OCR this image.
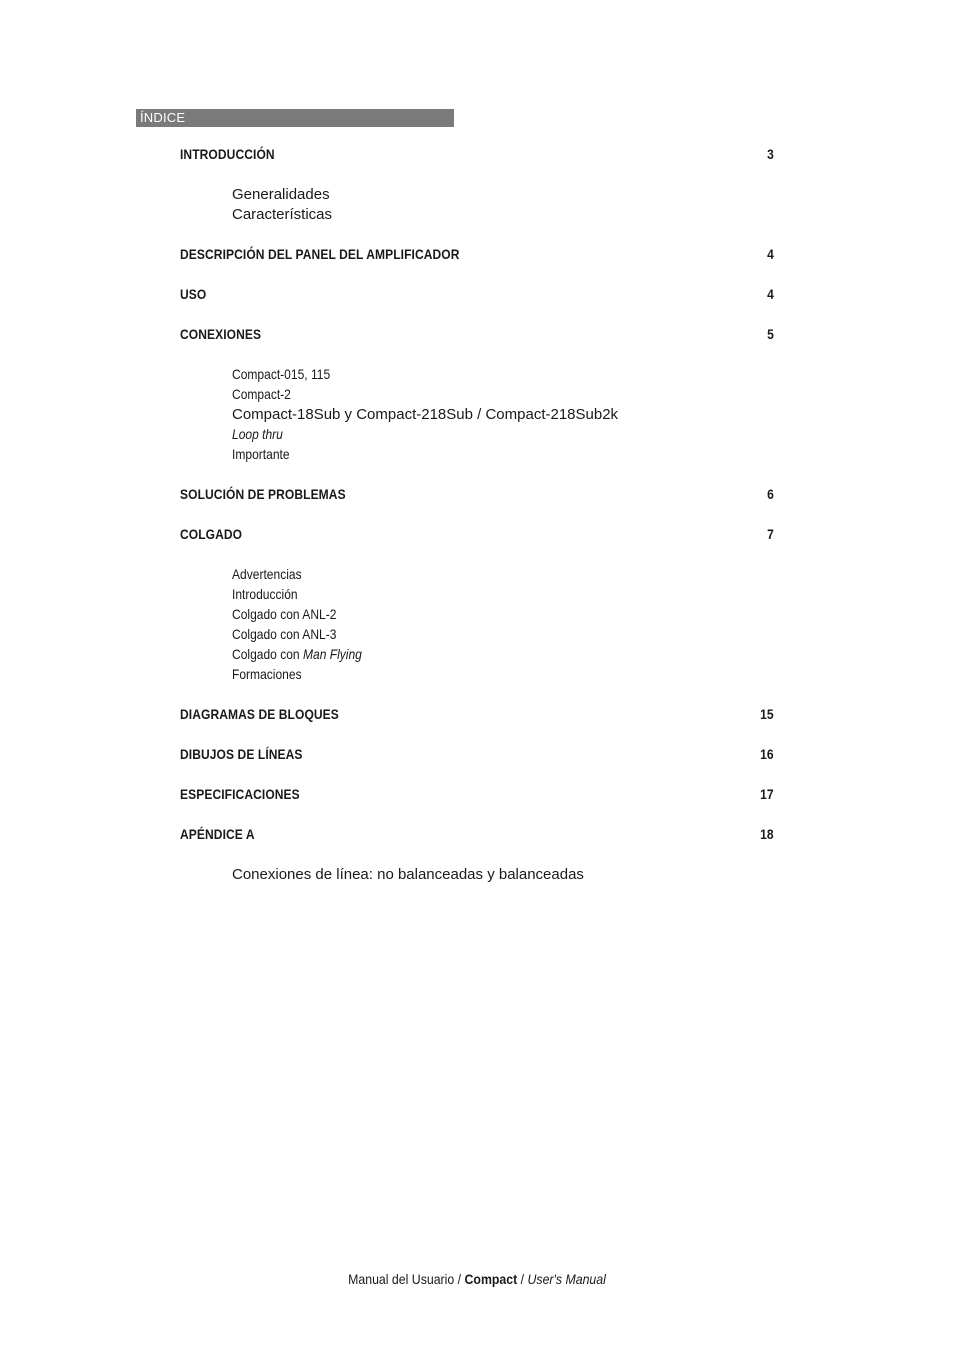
ÍNDICE
INTRODUCCIÓN	3
Generalidades
Características
DESCRIPCIÓN DEL PANEL DEL AMPLIFICADOR	4
USO	4
CONEXIONES	5
Compact-015, 115
Compact-2
Compact-18Sub y Compact-218Sub / Compact-218Sub2k
Loop thru
Importante
SOLUCIÓN DE PROBLEMAS	6
COLGADO	7
Advertencias
Introducción
Colgado con ANL-2
Colgado con ANL-3
Colgado con Man Flying
Formaciones
DIAGRAMAS DE BLOQUES	15
DIBUJOS DE LÍNEAS	16
ESPECIFICACIONES	17
APÉNDICE A	18
Conexiones de línea: no balanceadas y balanceadas
Manual del Usuario / Compact / User's Manual
